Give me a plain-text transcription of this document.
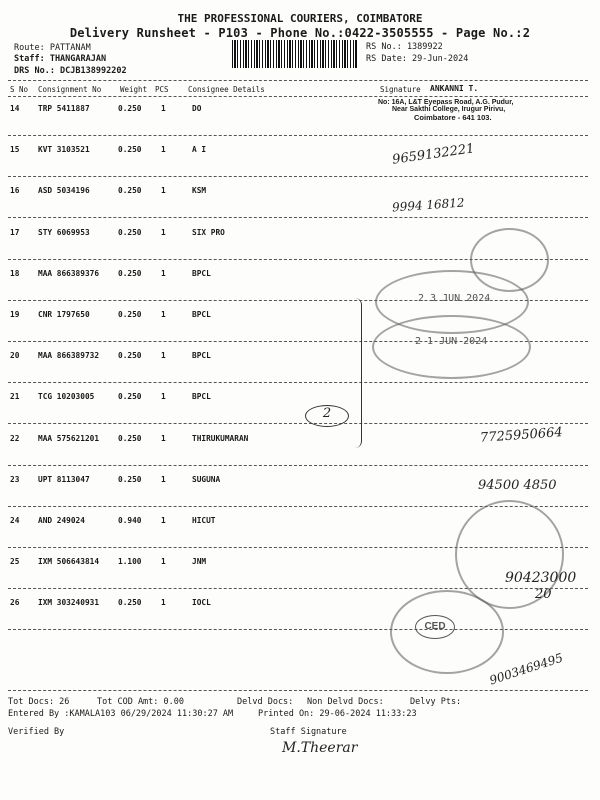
THE PROFESSIONAL COURIERS, COIMBATORE
Delivery Runsheet - P103 - Phone No.:0422-3505555 - Page No.:2
Route: PATTANAM
Staff: THANGARAJAN
DRS No.: DCJB138992202
RS No.: 1389922
RS Date: 29-Jun-2024
S No Consignment No	Weight PCS	Consignee Details	Signature
14 TRP 5411887	0.250	1	DO
15 KVT 3103521	0.250	1	A I
16 ASD 5034196	0.250	1	KSM
17 STY 6069953	0.250	1	SIX PRO
18 MAA 866389376 0.250	1	BPCL
19 CNR 1797650	0.250	1	BPCL
20 MAA 866389732 0.250	1	BPCL
21 TCG 10203005	0.250	1	BPCL
22 MAA 575621201 0.250	1	THIRUKUMARAN
23 UPT 8113047	0.250	1	SUGUNA
24 AND 249024	0.940	1	HICUT
25 IXM 506643814 1.100	1	JNM
26 IXM 303240931 0.250	1	IOCL
ANKANNI T.
No: 16A, L&T Eyepass Road, A.G. Pudur,
Near Sakthi College, Irugur Pirivu,
Coimbatore - 641 103.
9659132221
9994 16812
2 3 JUN 2024
2 1 JUN 2024
2
7725950664
94500 4850
CED
90423000
20
9003469495
Tot Docs: 26	Tot COD Amt: 0.00	Delvd Docs: Non Delvd Docs:	Delvy Pts:
Entered By :KAMALA103 06/29/2024 11:30:27 AM	Printed On: 29-06-2024 11:33:23
Verified By	Staff Signature
M.Theerar
